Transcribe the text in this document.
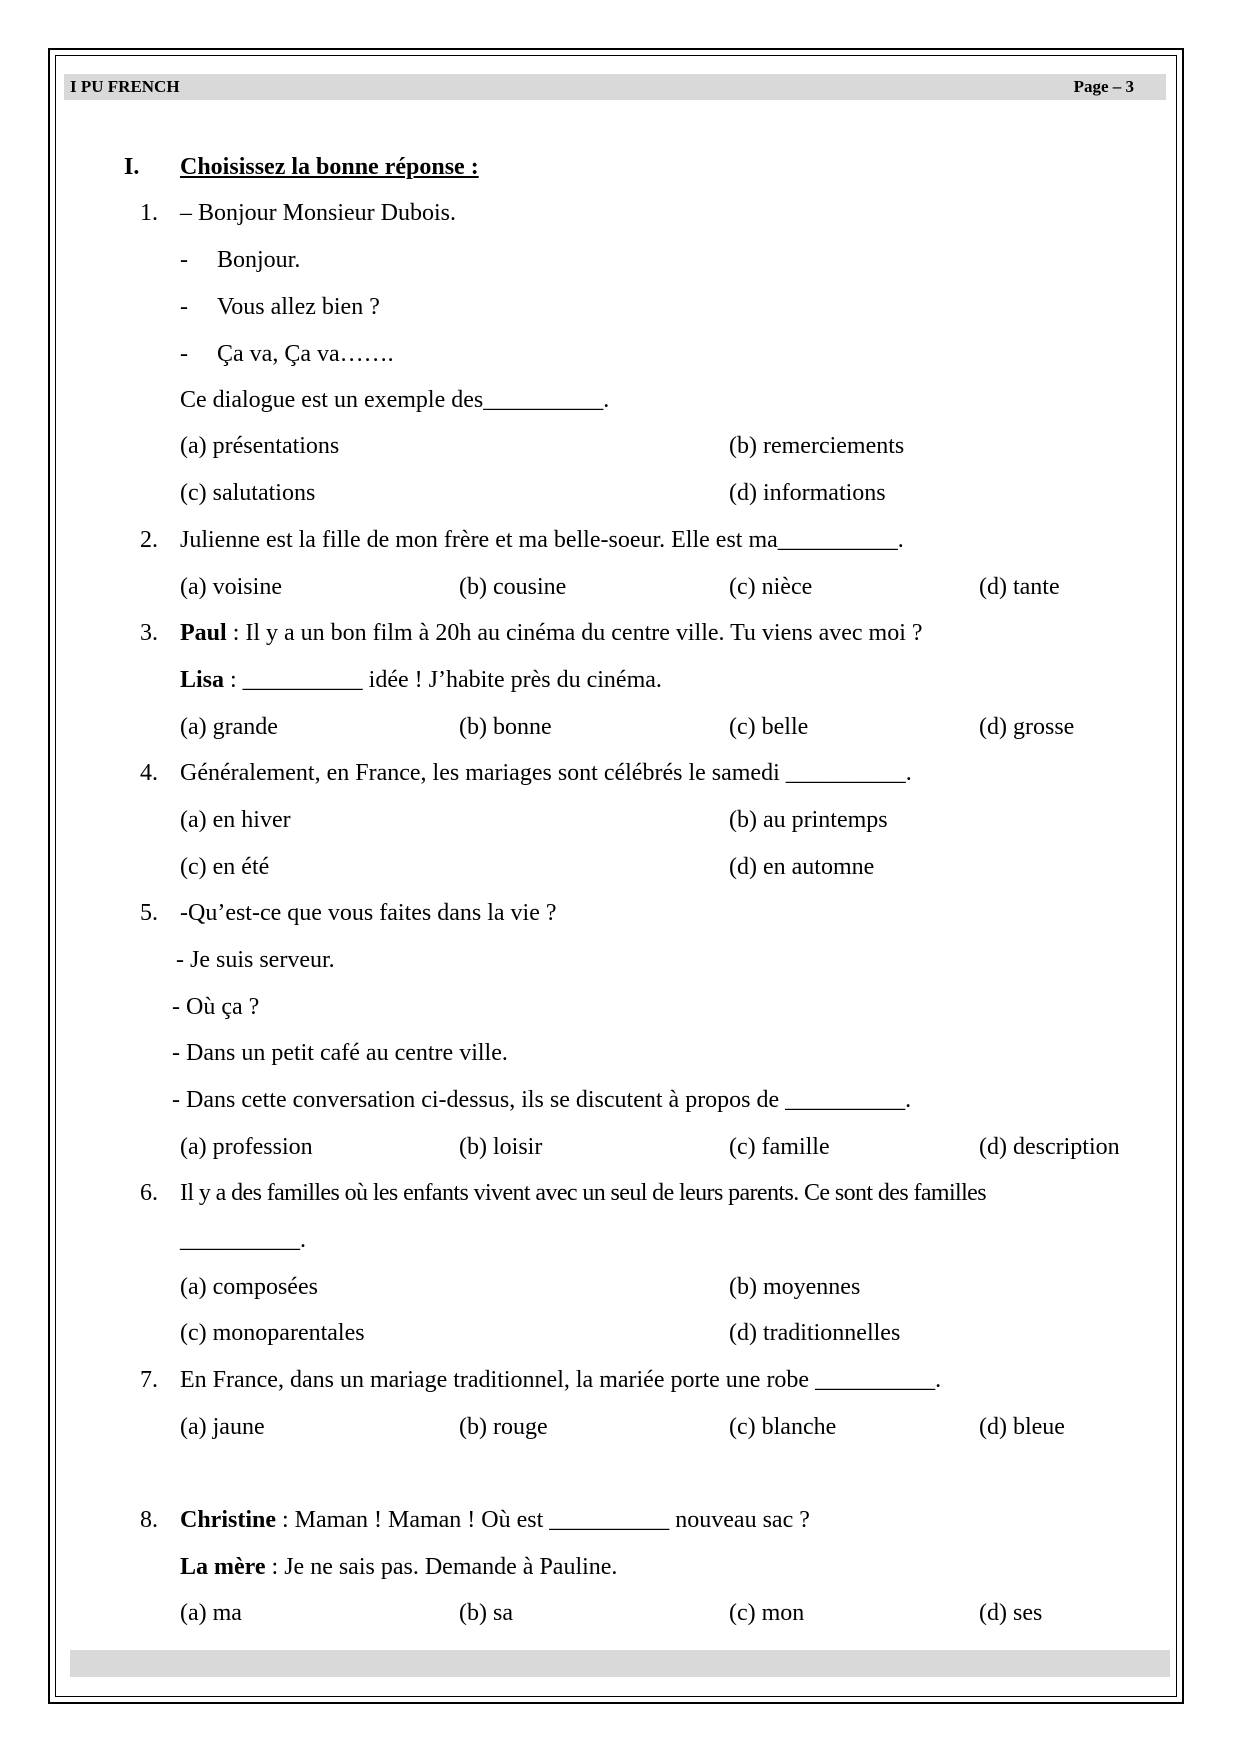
I PU FRENCH	Page – 3
I. Choisissez la bonne réponse :
1. – Bonjour Monsieur Dubois.
- Bonjour.
- Vous allez bien ?
- Ça va, Ça va…….
Ce dialogue est un exemple des__________.
(a) présentations	(b) remerciements
(c) salutations	(d) informations
2. Julienne est la fille de mon frère et ma belle-soeur. Elle est ma__________.
(a) voisine	(b) cousine	(c) nièce	(d) tante
3. Paul : Il y a un bon film à 20h au cinéma du centre ville. Tu viens avec moi ?
Lisa : __________ idée ! J’habite près du cinéma.
(a) grande	(b) bonne	(c) belle	(d) grosse
4. Généralement, en France, les mariages sont célébrés le samedi __________.
(a) en hiver	(b) au printemps
(c) en été	(d) en automne
5. -Qu’est-ce que vous faites dans la vie ?
- Je suis serveur.
- Où ça ?
- Dans un petit café au centre ville.
- Dans cette conversation ci-dessus, ils se discutent à propos de __________.
(a) profession	(b) loisir	(c) famille	(d) description
6. Il y a des familles où les enfants vivent avec un seul de leurs parents. Ce sont des familles
__________.
(a) composées	(b) moyennes
(c) monoparentales	(d) traditionnelles
7. En France, dans un mariage traditionnel, la mariée porte une robe __________.
(a) jaune	(b) rouge	(c) blanche	(d) bleue
8. Christine : Maman ! Maman ! Où est __________ nouveau sac ?
La mère : Je ne sais pas. Demande à Pauline.
(a) ma	(b) sa	(c) mon	(d) ses
